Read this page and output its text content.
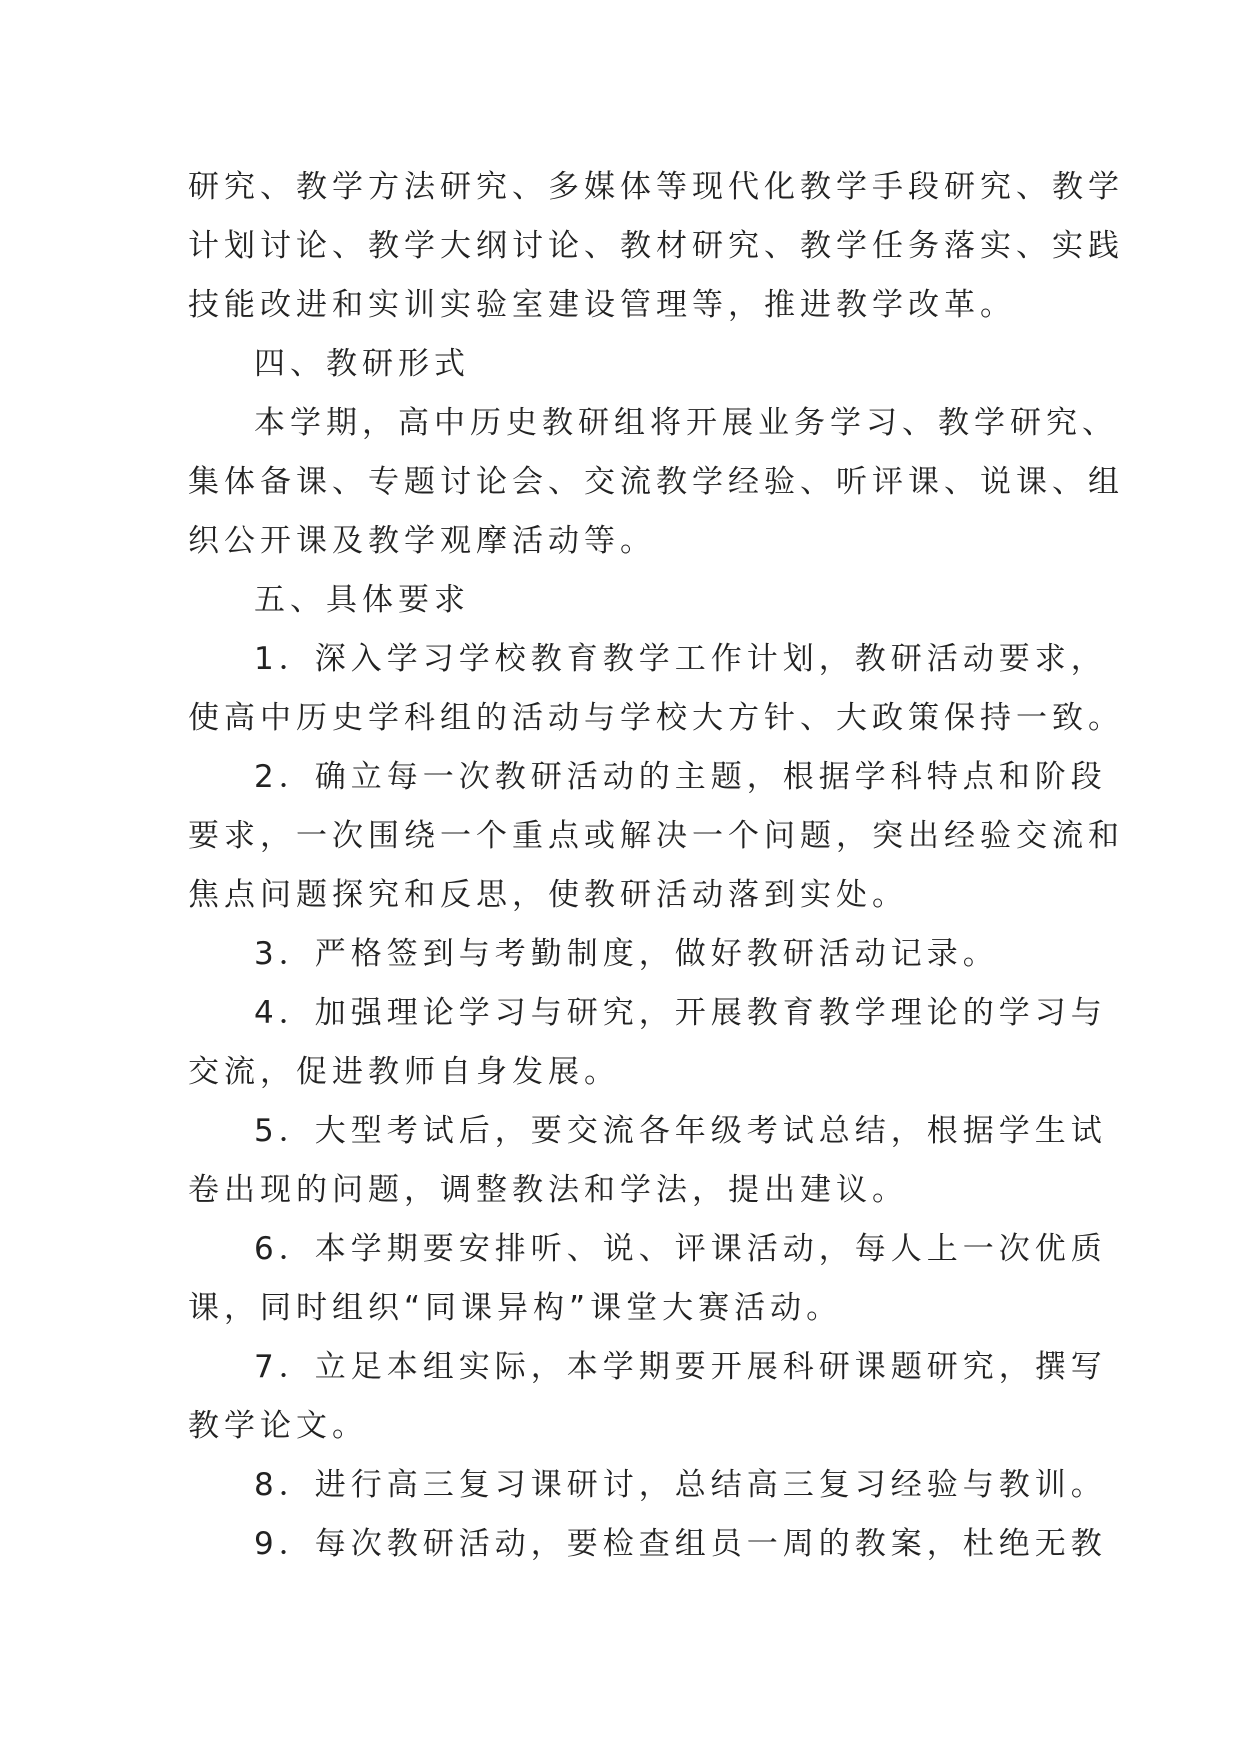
研究、教学方法研究、多媒体等现代化教学手段研究、教学
计划讨论、教学大纲讨论、教材研究、教学任务落实、实践
技能改进和实训实验室建设管理等，推进教学改革。
四、教研形式
本学期，高中历史教研组将开展业务学习、教学研究、
集体备课、专题讨论会、交流教学经验、听评课、说课、组
织公开课及教学观摩活动等。
五、具体要求
1．深入学习学校教育教学工作计划，教研活动要求，
使高中历史学科组的活动与学校大方针、大政策保持一致。
2．确立每一次教研活动的主题，根据学科特点和阶段
要求，一次围绕一个重点或解决一个问题，突出经验交流和
焦点问题探究和反思，使教研活动落到实处。
3．严格签到与考勤制度，做好教研活动记录。
4．加强理论学习与研究，开展教育教学理论的学习与
交流，促进教师自身发展。
5．大型考试后，要交流各年级考试总结，根据学生试
卷出现的问题，调整教法和学法，提出建议。
6．本学期要安排听、说、评课活动，每人上一次优质
课，同时组织“同课异构”课堂大赛活动。
7．立足本组实际，本学期要开展科研课题研究，撰写
教学论文。
8．进行高三复习课研讨，总结高三复习经验与教训。
9．每次教研活动，要检查组员一周的教案，杜绝无教
